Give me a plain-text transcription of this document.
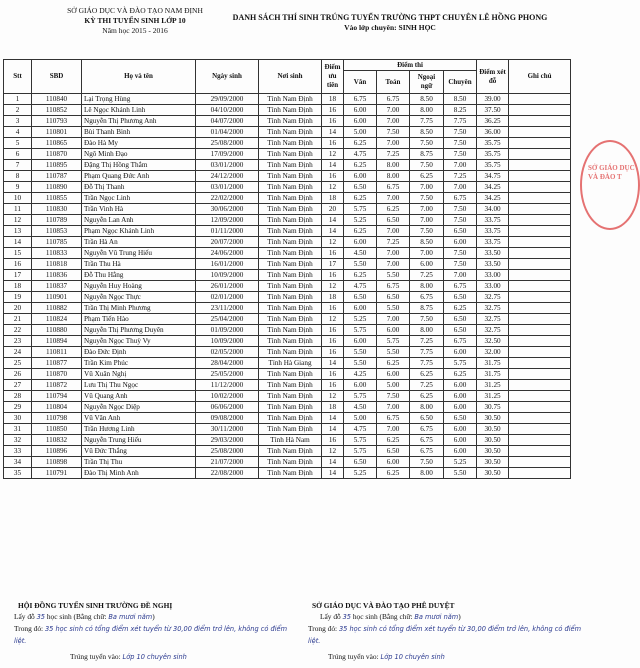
SỞ GIÁO DỤC VÀ ĐÀO TẠO NAM ĐỊNH
KỲ THI TUYỂN SINH LỚP 10
Năm học 2015 - 2016
DANH SÁCH THÍ SINH TRÚNG TUYỂN TRƯỜNG THPT CHUYÊN LÊ HỒNG PHONG
Vào lớp chuyên: SINH HỌC
Stt	SBD	Họ và tên	Ngày sinh	Nơi sinh	Điểm ưu tiên	Điểm thi				Điểm xét đỗ	Ghi chú
						Văn	Toán	Ngoại ngữ	Chuyên		
1	110840	Lại Trọng Hùng	29/09/2000	Tỉnh Nam Định	18	6.75	6.75	8.50	8.50	39.00	
2	110852	Lê Ngọc Khánh Linh	04/10/2000	Tỉnh Nam Định	16	6.00	7.00	8.00	8.25	37.50	
3	110793	Nguyễn Thị Phương Anh	04/07/2000	Tỉnh Nam Định	16	6.00	7.00	7.75	7.75	36.25	
4	110801	Bùi Thanh Bình	01/04/2000	Tỉnh Nam Định	14	5.00	7.50	8.50	7.50	36.00	
5	110865	Đào Hà My	25/08/2000	Tỉnh Nam Định	16	6.25	7.00	7.50	7.50	35.75	
6	110870	Ngô Minh Đạo	17/09/2000	Tỉnh Nam Định	12	4.75	7.25	8.75	7.50	35.75	
7	110895	Đặng Thị Hồng Thắm	03/01/2000	Tỉnh Nam Định	14	6.25	8.00	7.50	7.00	35.75	
8	110787	Phạm Quang Đức Anh	24/12/2000	Tỉnh Nam Định	16	6.00	8.00	6.25	7.25	34.75	
9	110890	Đỗ Thị Thanh	03/01/2000	Tỉnh Nam Định	12	6.50	6.75	7.00	7.00	34.25	
10	110855	Trần Ngọc Linh	22/02/2000	Tỉnh Nam Định	18	6.25	7.00	7.50	6.75	34.25	
11	110830	Trần Vinh Hà	30/06/2000	Tỉnh Nam Định	20	5.75	6.25	7.00	7.50	34.00	
12	110789	Nguyễn Lan Anh	12/09/2000	Tỉnh Nam Định	14	5.25	6.50	7.00	7.50	33.75	
13	110853	Phạm Ngọc Khánh Linh	01/11/2000	Tỉnh Nam Định	14	6.25	7.00	7.50	6.50	33.75	
14	110785	Trần Hà An	20/07/2000	Tỉnh Nam Định	12	6.00	7.25	8.50	6.00	33.75	
15	110833	Nguyễn Vũ Trung Hiếu	24/06/2000	Tỉnh Nam Định	16	4.50	7.00	7.00	7.50	33.50	
16	110818	Trần Thu Hà	16/01/2000	Tỉnh Nam Định	17	5.50	7.00	6.00	7.50	33.50	
17	110836	Đỗ Thu Hằng	10/09/2000	Tỉnh Nam Định	16	6.25	5.50	7.25	7.00	33.00	
18	110837	Nguyễn Huy Hoàng	26/01/2000	Tỉnh Nam Định	12	4.75	6.75	8.00	6.75	33.00	
19	110901	Nguyễn Ngọc Thực	02/01/2000	Tỉnh Nam Định	18	6.50	6.50	6.75	6.50	32.75	
20	110882	Trần Thị Minh Phương	23/11/2000	Tỉnh Nam Định	16	6.00	5.50	8.75	6.25	32.75	
21	110824	Phạm Tiến Hào	25/04/2000	Tỉnh Nam Định	12	5.25	7.00	7.50	6.50	32.75	
22	110880	Nguyễn Thị Phương Duyên	01/09/2000	Tỉnh Nam Định	16	5.75	6.00	8.00	6.50	32.75	
23	110894	Nguyễn Ngọc Thuỳ Vy	10/09/2000	Tỉnh Nam Định	16	6.00	5.75	7.25	6.75	32.50	
24	110811	Đào Đức Định	02/05/2000	Tỉnh Nam Định	16	5.50	5.50	7.75	6.00	32.00	
25	110877	Trần Kim Phúc	28/04/2000	Tỉnh Hà Giang	14	5.50	6.25	7.75	5.75	31.75	
26	110870	Vũ Xuân Nghị	25/05/2000	Tỉnh Nam Định	16	4.25	6.00	6.25	6.25	31.75	
27	110872	Lưu Thị Thu Ngọc	11/12/2000	Tỉnh Nam Định	16	6.00	5.00	7.25	6.00	31.25	
28	110794	Vũ Quang Anh	10/02/2000	Tỉnh Nam Định	12	5.75	7.50	6.25	6.00	31.25	
29	110804	Nguyễn Ngọc Diệp	06/06/2000	Tỉnh Nam Định	18	4.50	7.00	8.00	6.00	30.75	
30	110798	Vũ Văn Anh	09/08/2000	Tỉnh Nam Định	14	5.00	6.75	6.50	6.50	30.50	
31	110850	Trần Hương Linh	30/11/2000	Tỉnh Nam Định	14	4.75	7.00	6.75	6.00	30.50	
32	110832	Nguyễn Trung Hiếu	29/03/2000	Tỉnh Hà Nam	16	5.75	6.25	6.75	6.00	30.50	
33	110896	Vũ Đức Thắng	25/08/2000	Tỉnh Nam Định	12	5.75	6.50	6.75	6.00	30.50	
34	110898	Trần Thị Thu	21/07/2000	Tỉnh Nam Định	14	6.50	6.00	7.50	5.25	30.50	
35	110791	Đào Thị Minh Anh	22/08/2000	Tỉnh Nam Định	14	5.25	6.25	8.00	5.50	30.50	
SỞ GIÁO DỤC VÀ ĐÀO T
HỘI ĐỒNG TUYỂN SINH TRƯỜNG ĐỀ NGHỊ
Lấy đỗ 35 học sinh (Bằng chữ: Ba mươi năm)
Trong đó: 35 học sinh có tổng điểm xét tuyển từ 30,00 điểm trở lên, không có điểm liệt.
Trúng tuyển vào: Lớp 10 chuyên sinh
SỞ GIÁO DỤC VÀ ĐÀO TẠO PHÊ DUYỆT
Lấy đỗ 35 học sinh (Bằng chữ: Ba mươi năm)
Trong đó: 35 học sinh có tổng điểm xét tuyển từ 30,00 điểm trở lên, không có điểm liệt.
Trúng tuyển vào: Lớp 10 chuyên sinh
